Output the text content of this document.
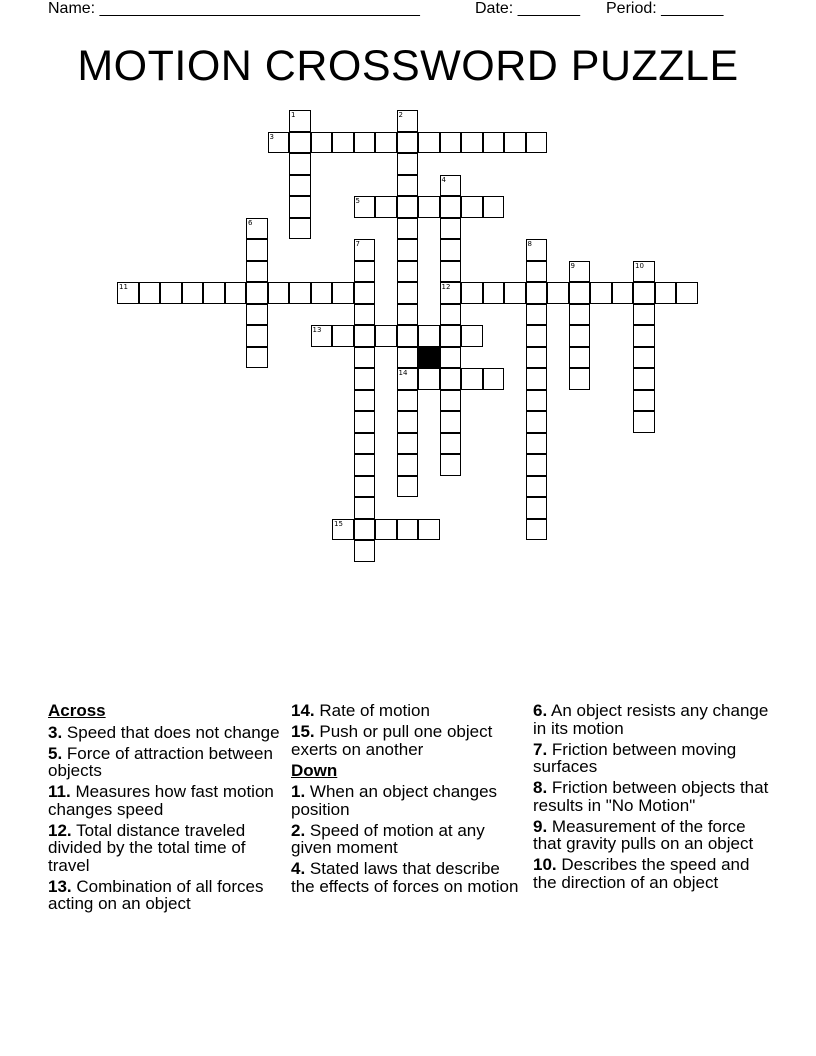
Name: ____________________________________	Date: _______ Period: _______
MOTION CROSSWORD PUZZLE
1	2
14
3
4
12
5
6
7	8
9	10
11
13
15
Across
3. Speed that does not change
5. Force of attraction between objects
11. Measures how fast motion changes speed
12. Total distance traveled divided by the total time of travel
13. Combination of all forces acting on an object
14. Rate of motion
15. Push or pull one object exerts on another
Down
1. When an object changes position
2. Speed of motion at any given moment
4. Stated laws that describe the effects of forces on motion
6. An object resists any change in its motion
7. Friction between moving surfaces
8. Friction between objects that results in "No Motion"
9. Measurement of the force that gravity pulls on an object
10. Describes the speed and the direction of an object
